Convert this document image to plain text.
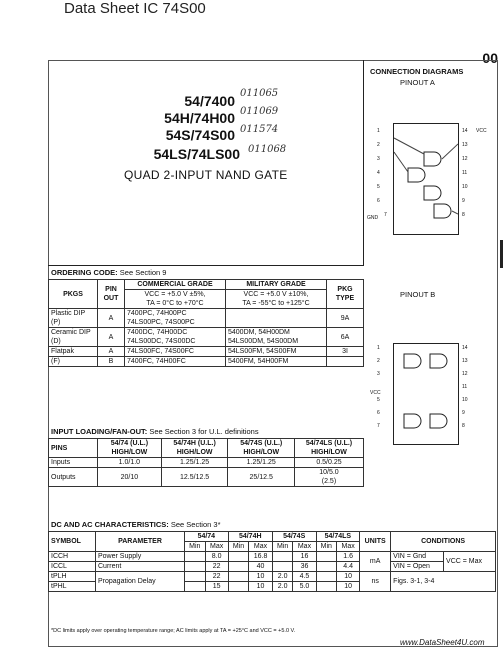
Data Sheet IC 74S00
00
54/7400
54H/74H00
54S/74S00
54LS/74LS00
011065
011069
011574
011068
QUAD 2-INPUT NAND GATE
CONNECTION DIAGRAMS
PINOUT A
PINOUT B
1
2
3
4
5
6
7
GND
14 VCC
13
12
11
10
9
8
1
2
3
VCC
5
6
7
14
13
12
11
10
9
8
ORDERING CODE: See Section 9
PKGS	PIN OUT	COMMERCIAL GRADE	MILITARY GRADE	PKG TYPE
		VCC = +5.0 V ±5%,
TA = 0°C to +70°C	VCC = +5.0 V ±10%,
TA = -55°C to +125°C	
Plastic DIP (P)	A	7400PC, 74H00PC 74LS00PC, 74S00PC		9A
Ceramic DIP (D)	A	7400DC, 74H00DC 74LS00DC, 74S00DC	5400DM, 54H00DM 54LS00DM, 54S00DM	6A
Flatpak	A	74LS00FC, 74S00FC	54LS00FM, 54S00FM	3I
(F)	B	7400FC, 74H00FC	5400FM, 54H00FM	
INPUT LOADING/FAN-OUT: See Section 3 for U.L. definitions
PINS	54/74 (U.L.) HIGH/LOW	54/74H (U.L.) HIGH/LOW	54/74S (U.L.) HIGH/LOW	54/74LS (U.L.) HIGH/LOW
Inputs	1.0/1.0	1.25/1.25	1.25/1.25	0.5/0.25
Outputs	20/10	12.5/12.5	25/12.5	10/5.0
(2.5)
DC AND AC CHARACTERISTICS: See Section 3*
SYMBOL	PARAMETER	54/74		54/74H		54/74S		54/74LS		UNITS	CONDITIONS	
		Min	Max	Min	Max	Min	Max	Min	Max			
ICCH	Power Supply		8.0		16.8		16		1.6	mA	VIN = Gnd	VCC = Max
ICCL	Current		22		40		36		4.4		VIN = Open	
tPLH	Propagation Delay		22		10	2.0	4.5		10	ns	Figs. 3-1, 3-4	
tPHL			15		10	2.0	5.0		10			
*DC limits apply over operating temperature range; AC limits apply at TA = +25°C and VCC = +5.0 V.
www.DataSheet4U.com
